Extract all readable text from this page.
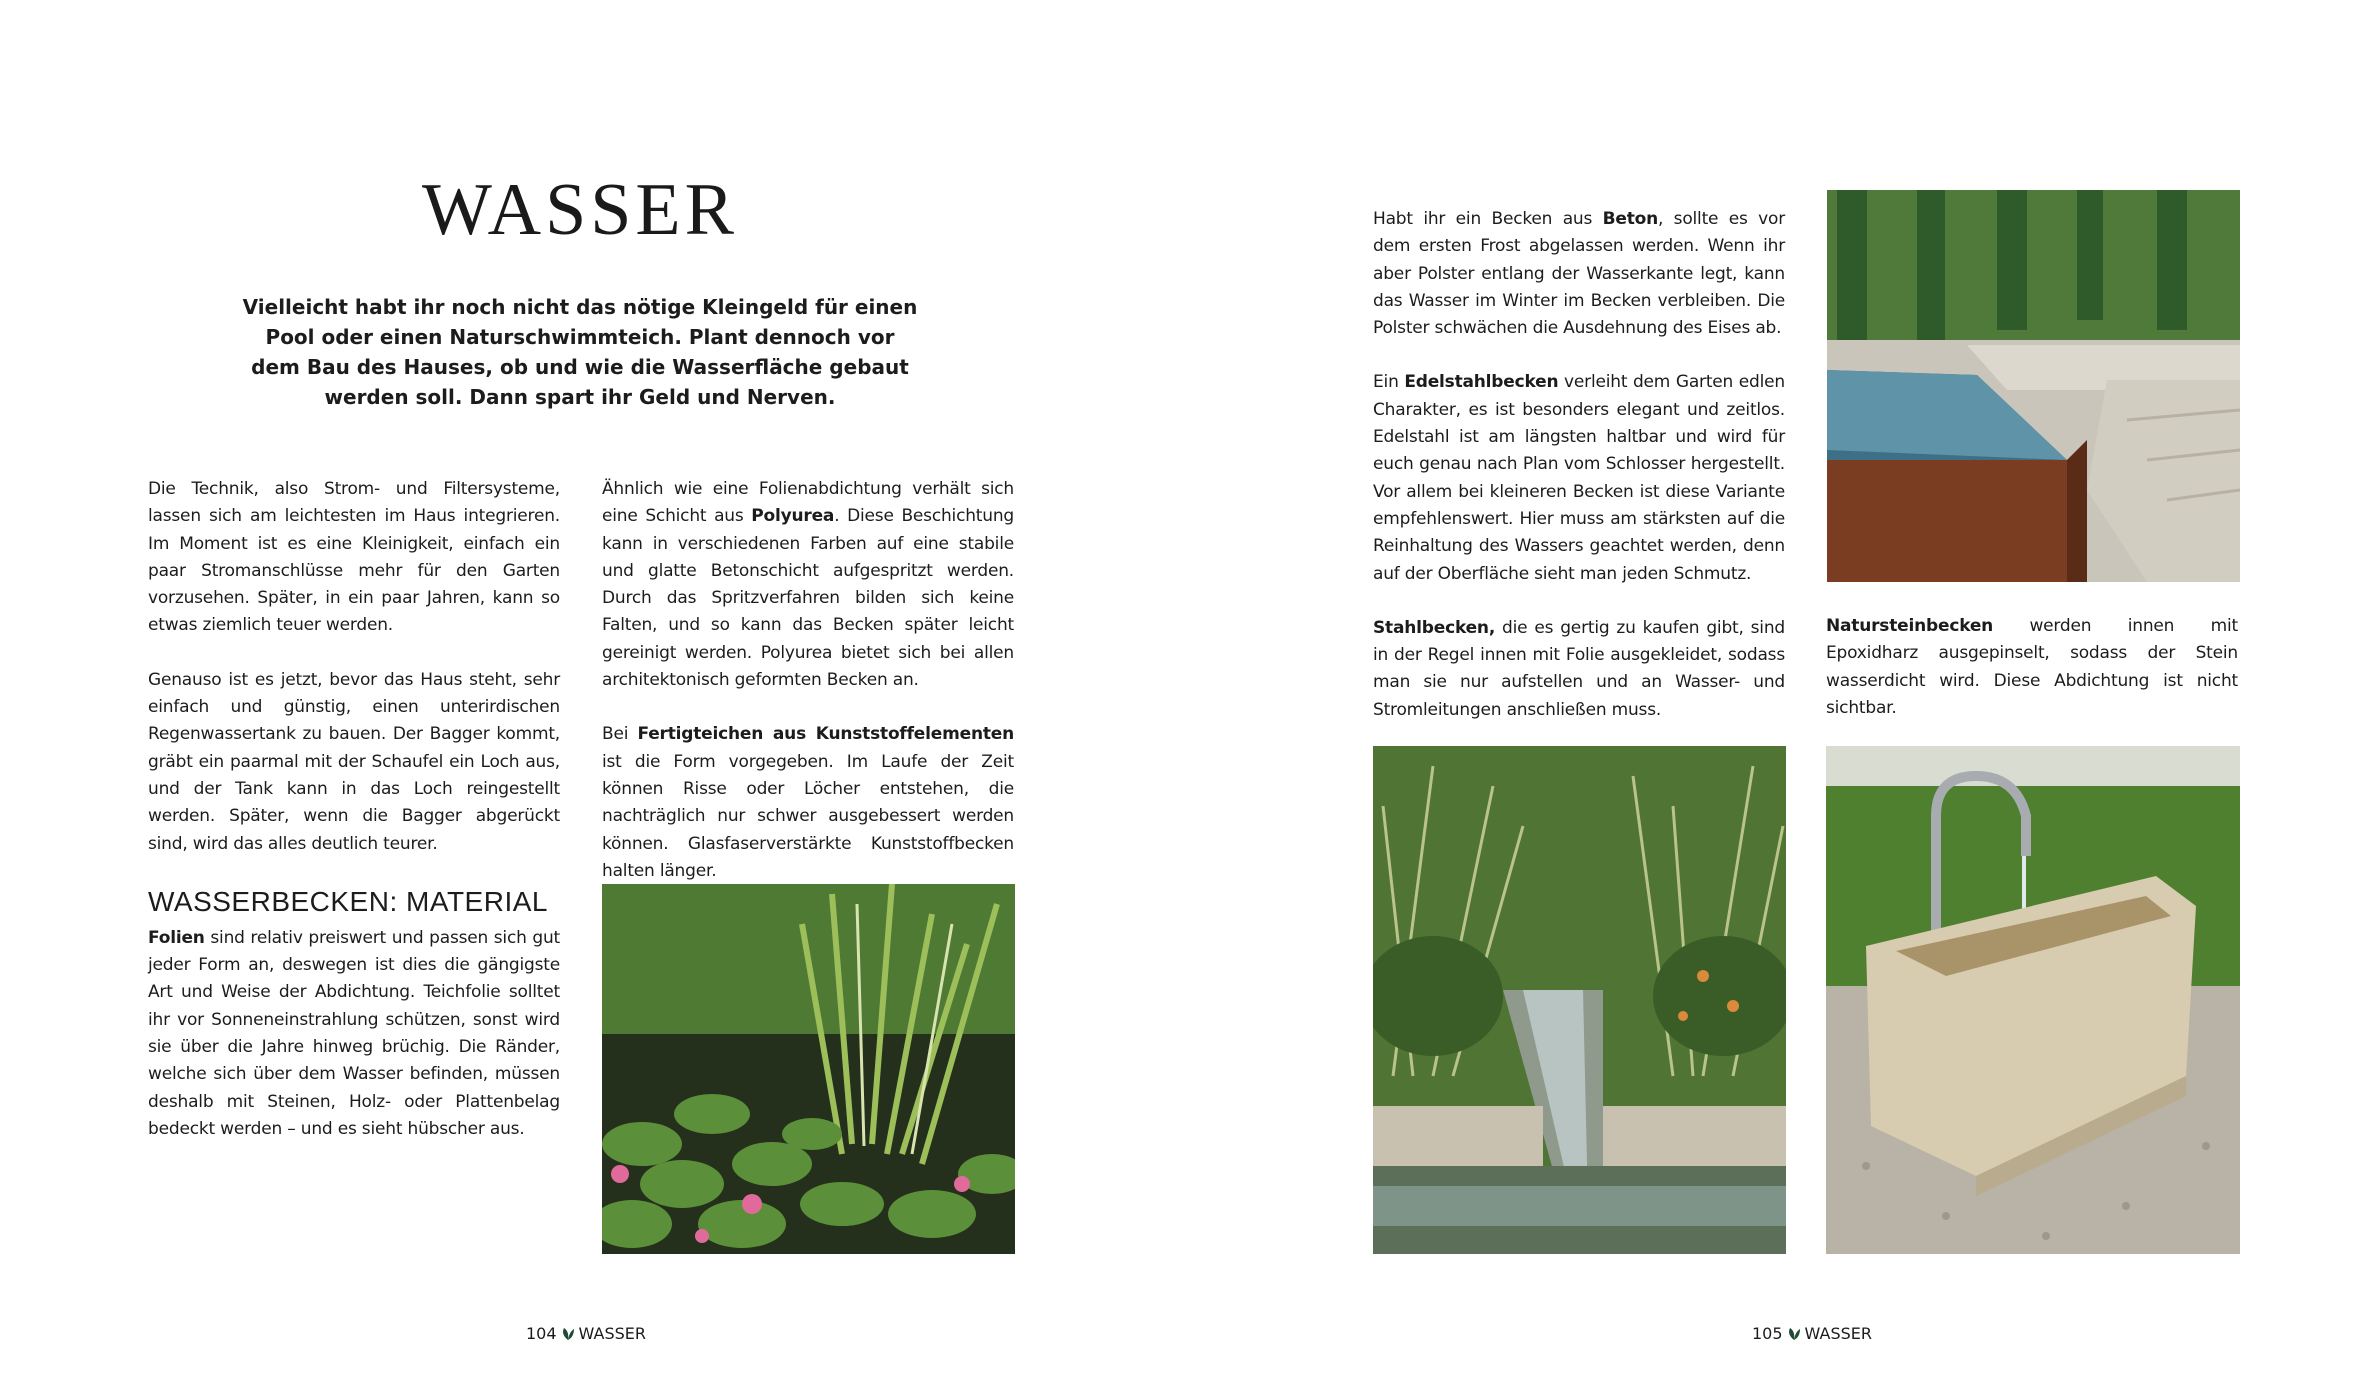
WASSER

Vielleicht habt ihr noch nicht das nötige Kleingeld für einen Pool oder einen Naturschwimmteich. Plant dennoch vor dem Bau des Hauses, ob und wie die Wasserfläche gebaut werden soll. Dann spart ihr Geld und Nerven.

Die Technik, also Strom- und Filtersysteme, lassen sich am leichtesten im Haus integrieren. Im Moment ist es eine Kleinigkeit, einfach ein paar Stromanschlüsse mehr für den Garten vorzusehen. Später, in ein paar Jahren, kann so etwas ziemlich teuer werden.

Genauso ist es jetzt, bevor das Haus steht, sehr einfach und günstig, einen unterirdischen Regenwassertank zu bauen. Der Bagger kommt, gräbt ein paarmal mit der Schaufel ein Loch aus, und der Tank kann in das Loch reingestellt werden. Später, wenn die Bagger abgerückt sind, wird das alles deutlich teurer.

WASSERBECKEN: MATERIAL

Folien sind relativ preiswert und passen sich gut jeder Form an, deswegen ist dies die gängigste Art und Weise der Abdichtung. Teichfolie solltet ihr vor Sonneneinstrahlung schützen, sonst wird sie über die Jahre hinweg brüchig. Die Ränder, welche sich über dem Wasser befinden, müssen deshalb mit Steinen, Holz- oder Plattenbelag bedeckt werden – und es sieht hübscher aus.

Ähnlich wie eine Folienabdichtung verhält sich eine Schicht aus Polyurea. Diese Beschichtung kann in verschiedenen Farben auf eine stabile und glatte Betonschicht aufgespritzt werden. Durch das Spritzverfahren bilden sich keine Falten, und so kann das Becken später leicht gereinigt werden. Polyurea bietet sich bei allen architektonisch geformten Becken an.

Bei Fertigteichen aus Kunststoffelementen ist die Form vorgegeben. Im Laufe der Zeit können Risse oder Löcher entstehen, die nachträglich nur schwer ausgebessert werden können. Glasfaserverstärkte Kunststoffbecken halten länger.

104 WASSER

Habt ihr ein Becken aus Beton, sollte es vor dem ersten Frost abgelassen werden. Wenn ihr aber Polster entlang der Wasserkante legt, kann das Wasser im Winter im Becken verbleiben. Die Polster schwächen die Ausdehnung des Eises ab.

Ein Edelstahlbecken verleiht dem Garten edlen Charakter, es ist besonders elegant und zeitlos. Edelstahl ist am längsten haltbar und wird für euch genau nach Plan vom Schlosser hergestellt. Vor allem bei kleineren Becken ist diese Variante empfehlenswert. Hier muss am stärksten auf die Reinhaltung des Wassers geachtet werden, denn auf der Oberfläche sieht man jeden Schmutz.

Stahlbecken, die es gertig zu kaufen gibt, sind in der Regel innen mit Folie ausgekleidet, sodass man sie nur aufstellen und an Wasser- und Stromleitungen anschließen muss.

Natursteinbecken werden innen mit Epoxidharz ausgepinselt, sodass der Stein wasserdicht wird. Diese Abdichtung ist nicht sichtbar.

105 WASSER
